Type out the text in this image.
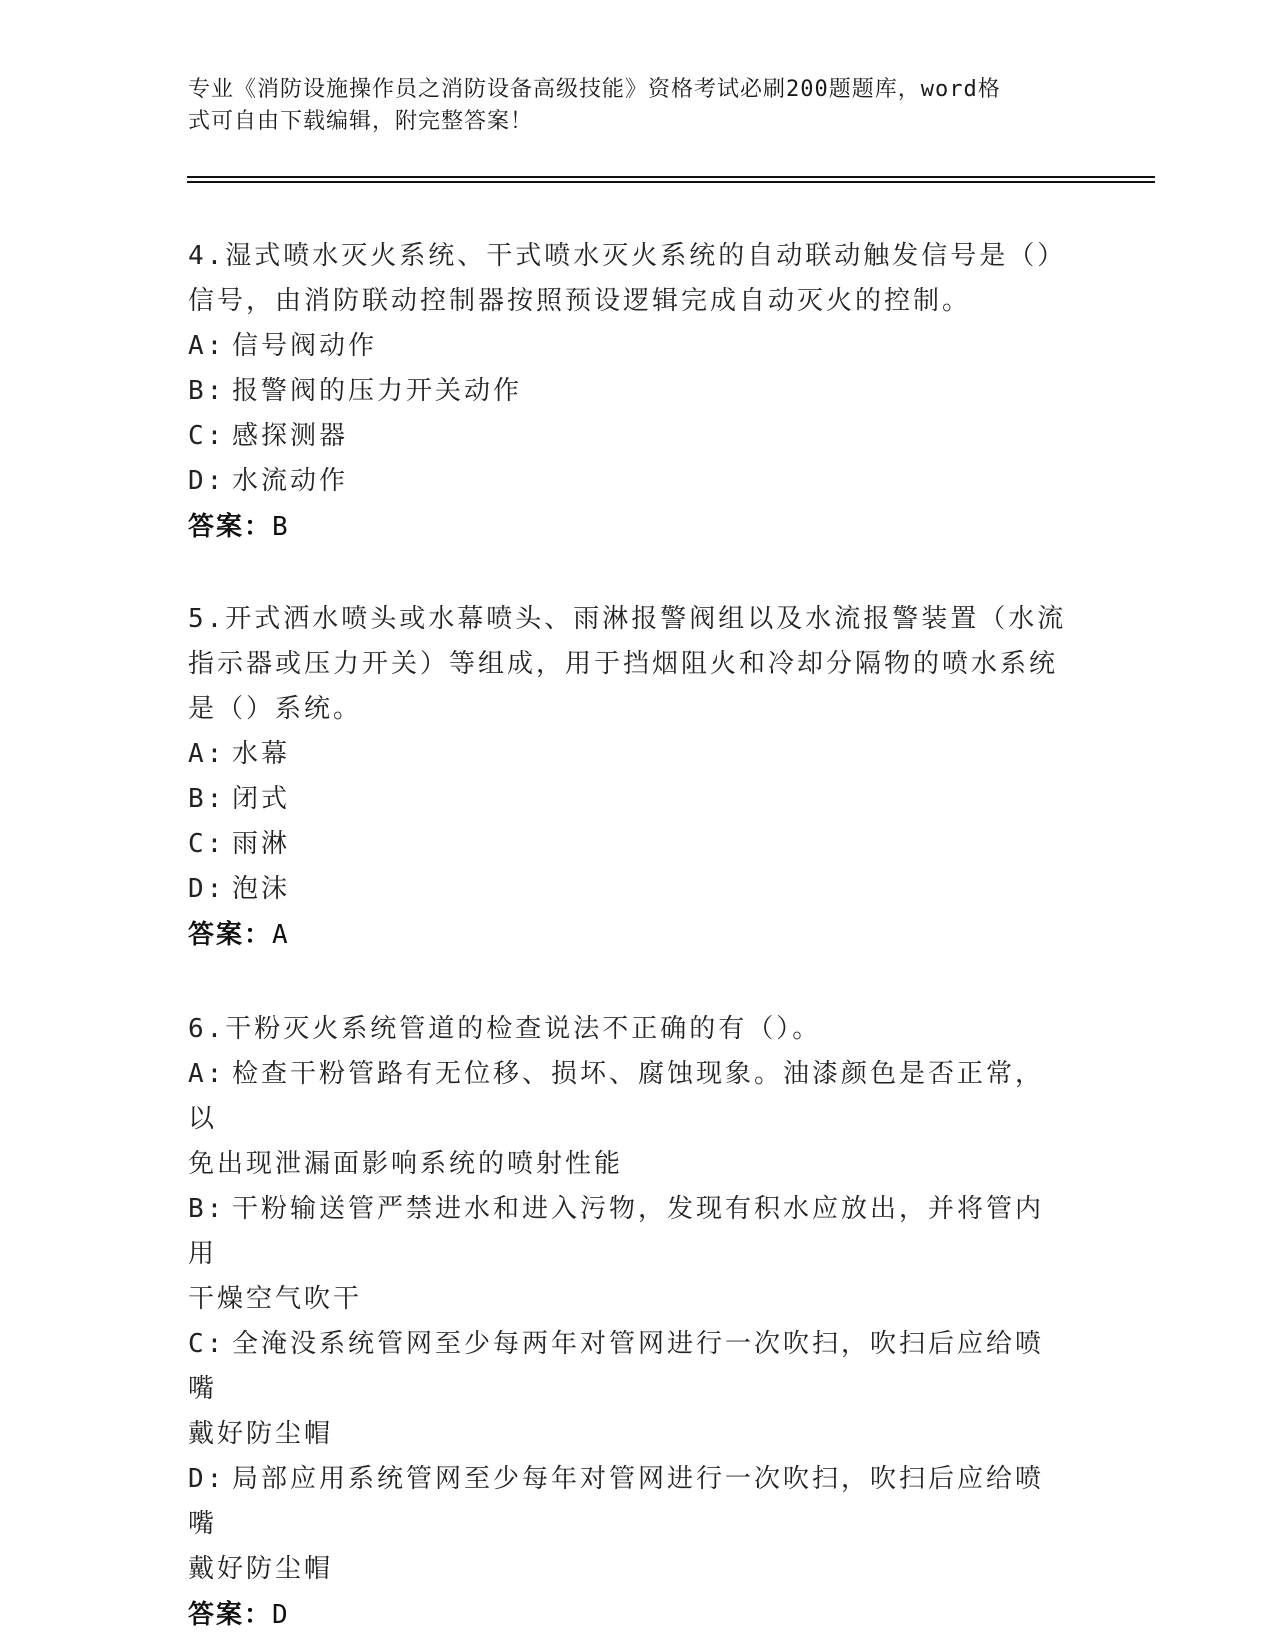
专业《消防设施操作员之消防设备高级技能》资格考试必刷200题题库，word格
式可自由下载编辑，附完整答案！
4.湿式喷水灭火系统、干式喷水灭火系统的自动联动触发信号是（）
信号，由消防联动控制器按照预设逻辑完成自动灭火的控制。
A: 信号阀动作
B: 报警阀的压力开关动作
C: 感探测器
D: 水流动作
答案：B
5.开式洒水喷头或水幕喷头、雨淋报警阀组以及水流报警装置（水流
指示器或压力开关）等组成，用于挡烟阻火和冷却分隔物的喷水系统
是（）系统。
A: 水幕
B: 闭式
C: 雨淋
D: 泡沫
答案：A
6.干粉灭火系统管道的检查说法不正确的有（）。
A: 检查干粉管路有无位移、损坏、腐蚀现象。油漆颜色是否正常，以
免出现泄漏面影响系统的喷射性能
B: 干粉输送管严禁进水和进入污物，发现有积水应放出，并将管内用
干燥空气吹干
C: 全淹没系统管网至少每两年对管网进行一次吹扫，吹扫后应给喷嘴
戴好防尘帽
D: 局部应用系统管网至少每年对管网进行一次吹扫，吹扫后应给喷嘴
戴好防尘帽
答案：D
